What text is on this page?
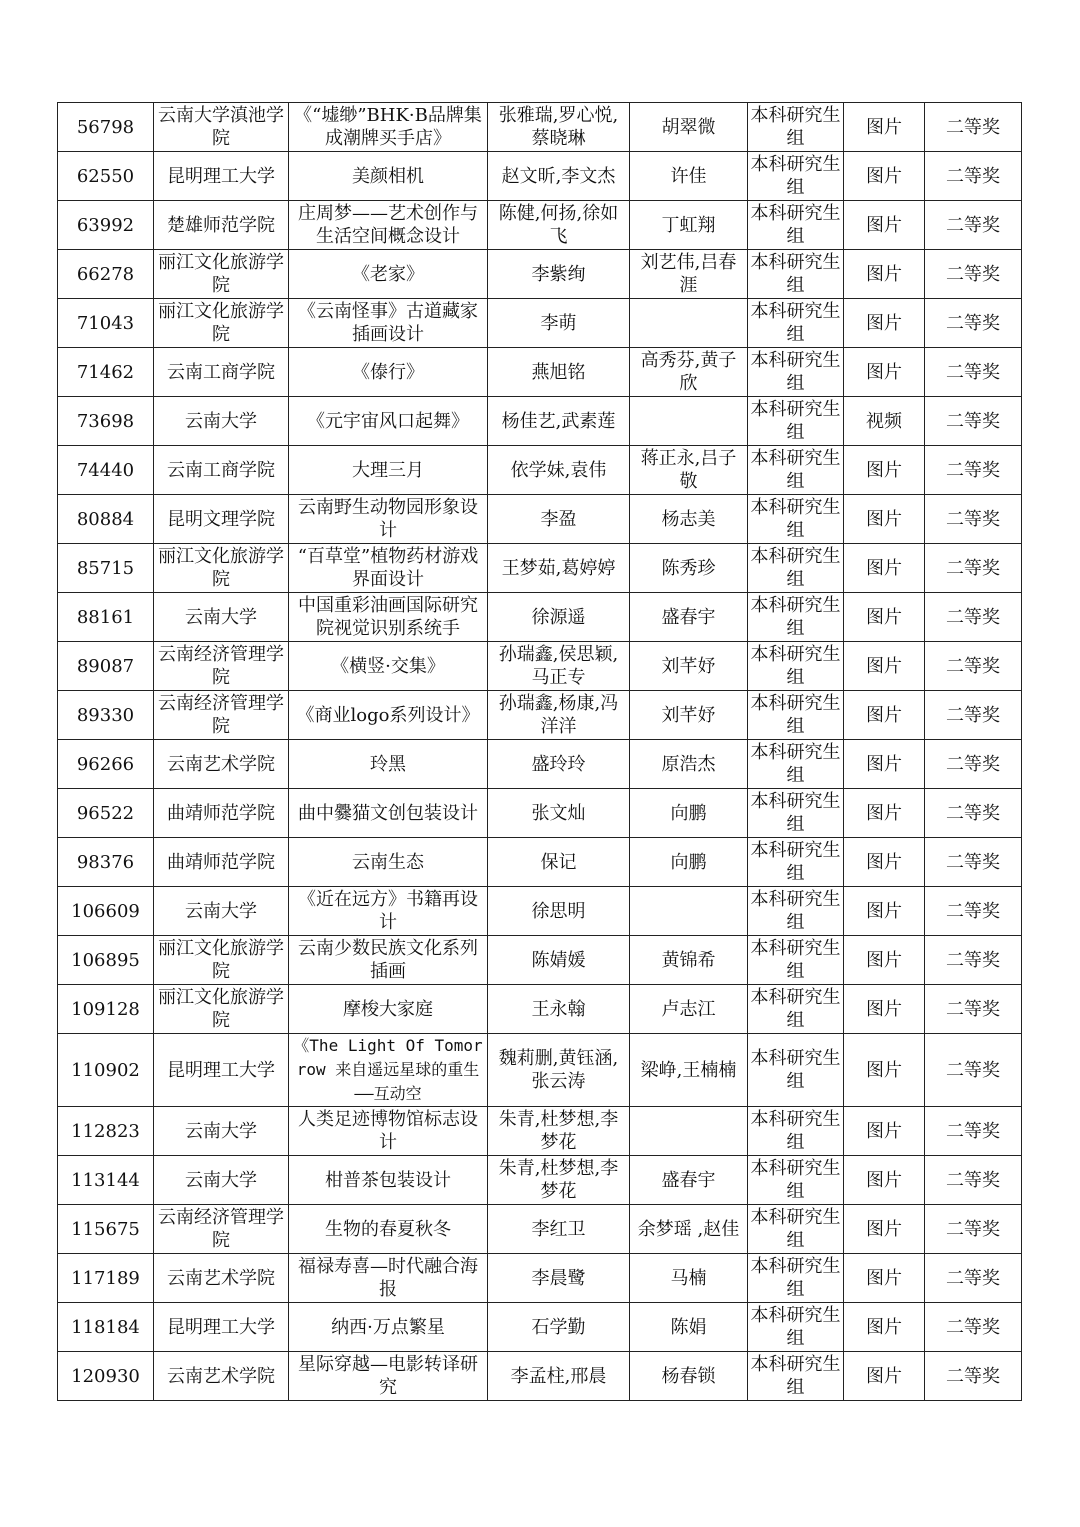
56798	云南大学滇池学院	《“墟缈”BHK·B品牌集成潮牌买手店》	张雅瑞,罗心悦,蔡晓琳	胡翠微	本科研究生组	图片	二等奖
62550	昆明理工大学	美颜相机	赵文昕,李文杰	许佳	本科研究生组	图片	二等奖
63992	楚雄师范学院	庄周梦——艺术创作与生活空间概念设计	陈健,何扬,徐如飞	丁虹翔	本科研究生组	图片	二等奖
66278	丽江文化旅游学院	《老家》	李紫绚	刘艺伟,吕春涯	本科研究生组	图片	二等奖
71043	丽江文化旅游学院	《云南怪事》古道藏家插画设计	李萌		本科研究生组	图片	二等奖
71462	云南工商学院	《傣行》	燕旭铭	高秀芬,黄子欣	本科研究生组	图片	二等奖
73698	云南大学	《元宇宙风口起舞》	杨佳艺,武素莲		本科研究生组	视频	二等奖
74440	云南工商学院	大理三月	依学妹,袁伟	蒋正永,吕子敬	本科研究生组	图片	二等奖
80884	昆明文理学院	云南野生动物园形象设计	李盈	杨志美	本科研究生组	图片	二等奖
85715	丽江文化旅游学院	“百草堂”植物药材游戏界面设计	王梦茹,葛婷婷	陈秀珍	本科研究生组	图片	二等奖
88161	云南大学	中国重彩油画国际研究院视觉识别系统手	徐源遥	盛春宇	本科研究生组	图片	二等奖
89087	云南经济管理学院	《横竖·交集》	孙瑞鑫,侯思颖,马正专	刘芊妤	本科研究生组	图片	二等奖
89330	云南经济管理学院	《商业logo系列设计》	孙瑞鑫,杨康,冯洋洋	刘芊妤	本科研究生组	图片	二等奖
96266	云南艺术学院	玲黑	盛玲玲	原浩杰	本科研究生组	图片	二等奖
96522	曲靖师范学院	曲中爨猫文创包装设计	张文灿	向鹏	本科研究生组	图片	二等奖
98376	曲靖师范学院	云南生态	保记	向鹏	本科研究生组	图片	二等奖
106609	云南大学	《近在远方》书籍再设计	徐思明		本科研究生组	图片	二等奖
106895	丽江文化旅游学院	云南少数民族文化系列插画	陈婧媛	黄锦希	本科研究生组	图片	二等奖
109128	丽江文化旅游学院	摩梭大家庭	王永翰	卢志江	本科研究生组	图片	二等奖
110902	昆明理工大学	《The Light Of Tomorrow 来自遥远星球的重生——互动空	魏莉删,黄钰涵,张云涛	梁峥,王楠楠	本科研究生组	图片	二等奖
112823	云南大学	人类足迹博物馆标志设计	朱青,杜梦想,李梦花		本科研究生组	图片	二等奖
113144	云南大学	柑普茶包装设计	朱青,杜梦想,李梦花	盛春宇	本科研究生组	图片	二等奖
115675	云南经济管理学院	生物的春夏秋冬	李红卫	余梦瑶 ,赵佳	本科研究生组	图片	二等奖
117189	云南艺术学院	福禄寿喜—时代融合海报	李晨鹭	马楠	本科研究生组	图片	二等奖
118184	昆明理工大学	纳西·万点繁星	石学勤	陈娟	本科研究生组	图片	二等奖
120930	云南艺术学院	星际穿越—电影转译研究	李孟柱,邢晨	杨春锁	本科研究生组	图片	二等奖
